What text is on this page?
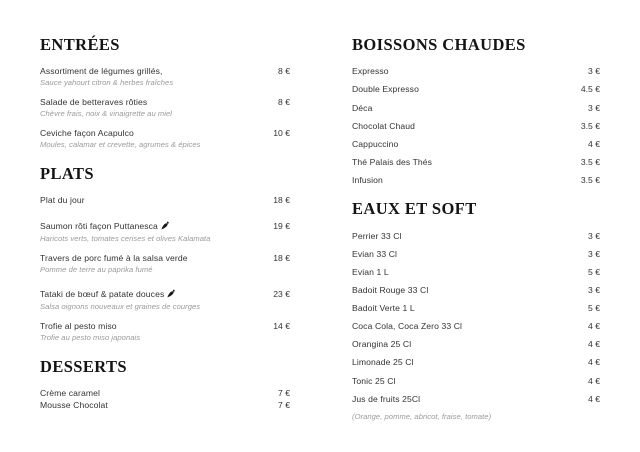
ENTRÉES
Assortiment de légumes grillés,	8 €
Sauce yahourt citron & herbes fraîches
Salade de betteraves rôties	8 €
Chèvre frais, noix & vinaigrette au miel
Ceviche façon Acapulco	10 €
Moules, calamar et crevette, agrumes & épices
PLATS
Plat du jour	18 €
Saumon rôti façon Puttanesca	19 €
Haricots verts, tomates cerises et olives Kalamata
Travers de porc fumé à la salsa verde	18 €
Pomme de terre au paprika fumé
Tataki de bœuf & patate douces	23 €
Salsa oignons nouveaux et graines de courges
Trofie al pesto miso	14 €
Trofie au pesto miso japonais
DESSERTS
Crème caramel	7 €
Mousse Chocolat	7 €
BOISSONS CHAUDES
Expresso	3 €
Double Expresso	4.5 €
Déca	3 €
Chocolat Chaud	3.5 €
Cappuccino	4 €
Thé Palais des Thés	3.5 €
Infusion	3.5 €
EAUX ET SOFT
Perrier 33 Cl	3 €
Evian 33 Cl	3 €
Evian 1 L	5 €
Badoit Rouge 33 Cl	3 €
Badoit Verte 1 L	5 €
Coca Cola, Coca Zero 33 Cl	4 €
Orangina 25 Cl	4 €
Limonade 25 Cl	4 €
Tonic 25 Cl	4 €
Jus de fruits 25Cl	4 €
(Orange, pomme, abricot, fraise, tomate)
